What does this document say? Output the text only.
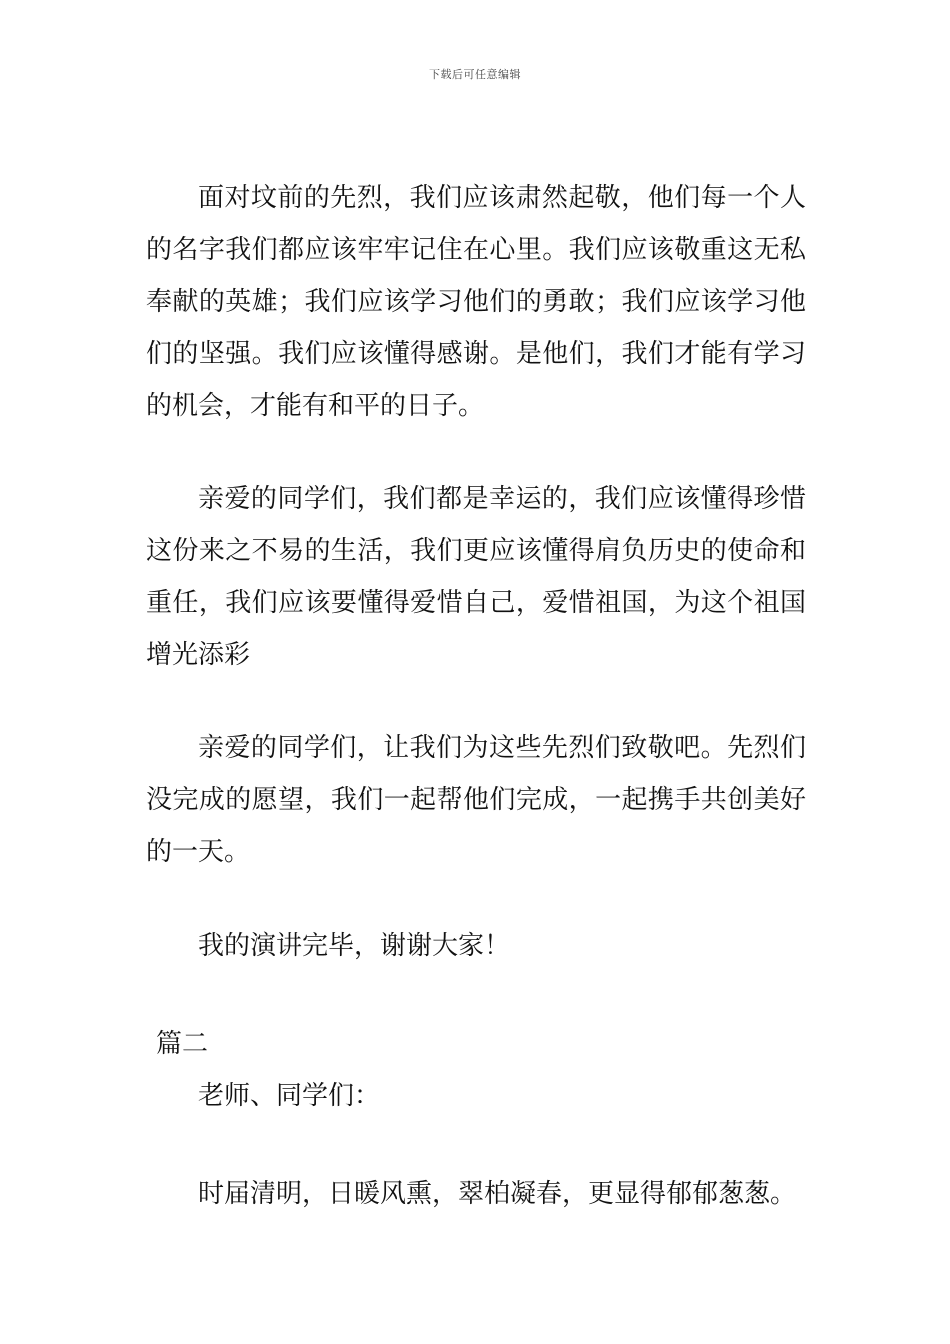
下载后可任意编辑

面对坟前的先烈，我们应该肃然起敬，他们每一个人的名字我们都应该牢牢记住在心里。我们应该敬重这无私奉献的英雄；我们应该学习他们的勇敢；我们应该学习他们的坚强。我们应该懂得感谢。是他们，我们才能有学习的机会，才能有和平的日子。

亲爱的同学们，我们都是幸运的，我们应该懂得珍惜这份来之不易的生活，我们更应该懂得肩负历史的使命和重任，我们应该要懂得爱惜自己，爱惜祖国，为这个祖国增光添彩

亲爱的同学们，让我们为这些先烈们致敬吧。先烈们没完成的愿望，我们一起帮他们完成，一起携手共创美好的一天。

我的演讲完毕，谢谢大家！

篇二

老师、同学们：

时届清明，日暖风熏，翠柏凝春，更显得郁郁葱葱。
